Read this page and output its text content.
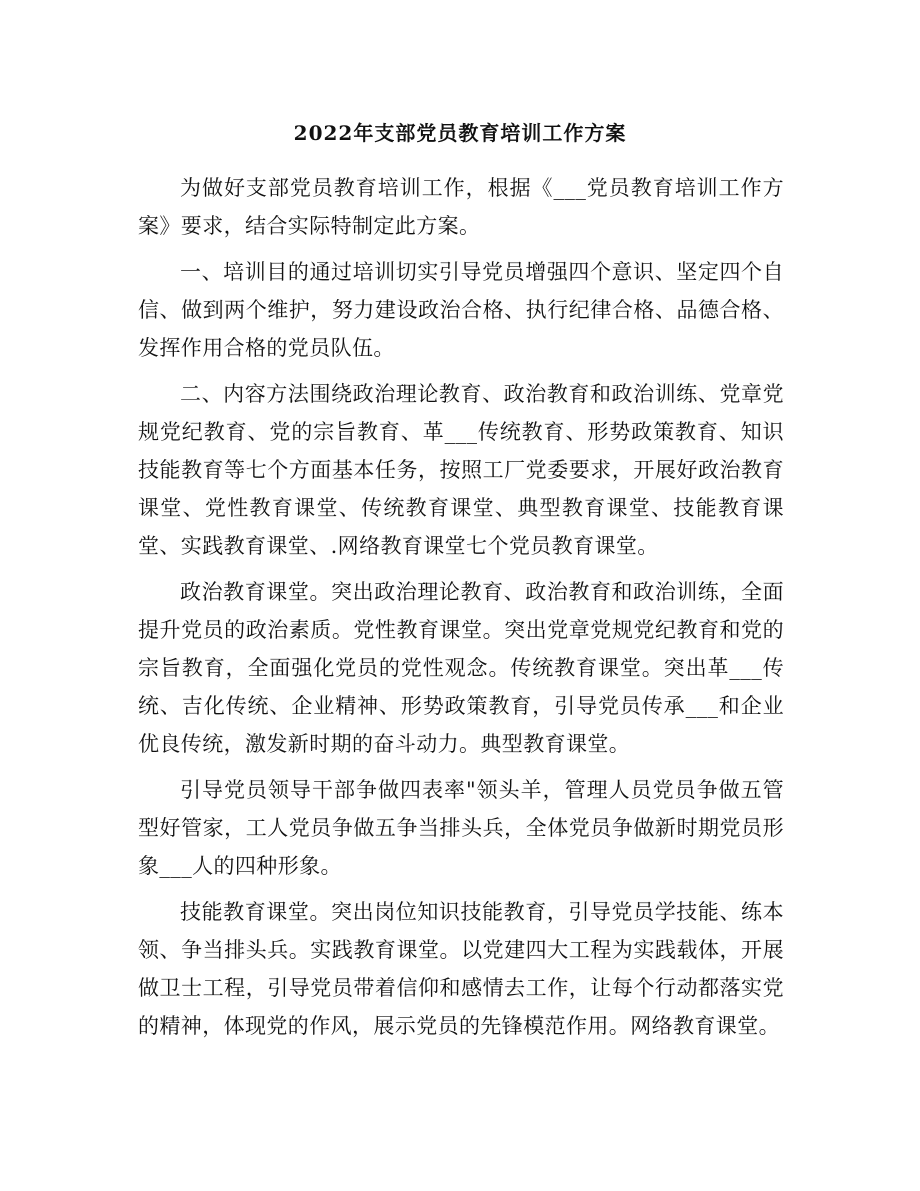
2022年支部党员教育培训工作方案

为做好支部党员教育培训工作，根据《___党员教育培训工作方案》要求，结合实际特制定此方案。

一、培训目的通过培训切实引导党员增强四个意识、坚定四个自信、做到两个维护，努力建设政治合格、执行纪律合格、品德合格、发挥作用合格的党员队伍。

二、内容方法围绕政治理论教育、政治教育和政治训练、党章党规党纪教育、党的宗旨教育、革___传统教育、形势政策教育、知识技能教育等七个方面基本任务，按照工厂党委要求，开展好政治教育课堂、党性教育课堂、传统教育课堂、典型教育课堂、技能教育课堂、实践教育课堂、.网络教育课堂七个党员教育课堂。

政治教育课堂。突出政治理论教育、政治教育和政治训练，全面提升党员的政治素质。党性教育课堂。突出党章党规党纪教育和党的宗旨教育，全面强化党员的党性观念。传统教育课堂。突出革___传统、吉化传统、企业精神、形势政策教育，引导党员传承___和企业优良传统，激发新时期的奋斗动力。典型教育课堂。

引导党员领导干部争做四表率"领头羊，管理人员党员争做五管型好管家，工人党员争做五争当排头兵，全体党员争做新时期党员形象___人的四种形象。

技能教育课堂。突出岗位知识技能教育，引导党员学技能、练本领、争当排头兵。实践教育课堂。以党建四大工程为实践载体，开展做卫士工程，引导党员带着信仰和感情去工作，让每个行动都落实党的精神，体现党的作风，展示党员的先锋模范作用。网络教育课堂。
